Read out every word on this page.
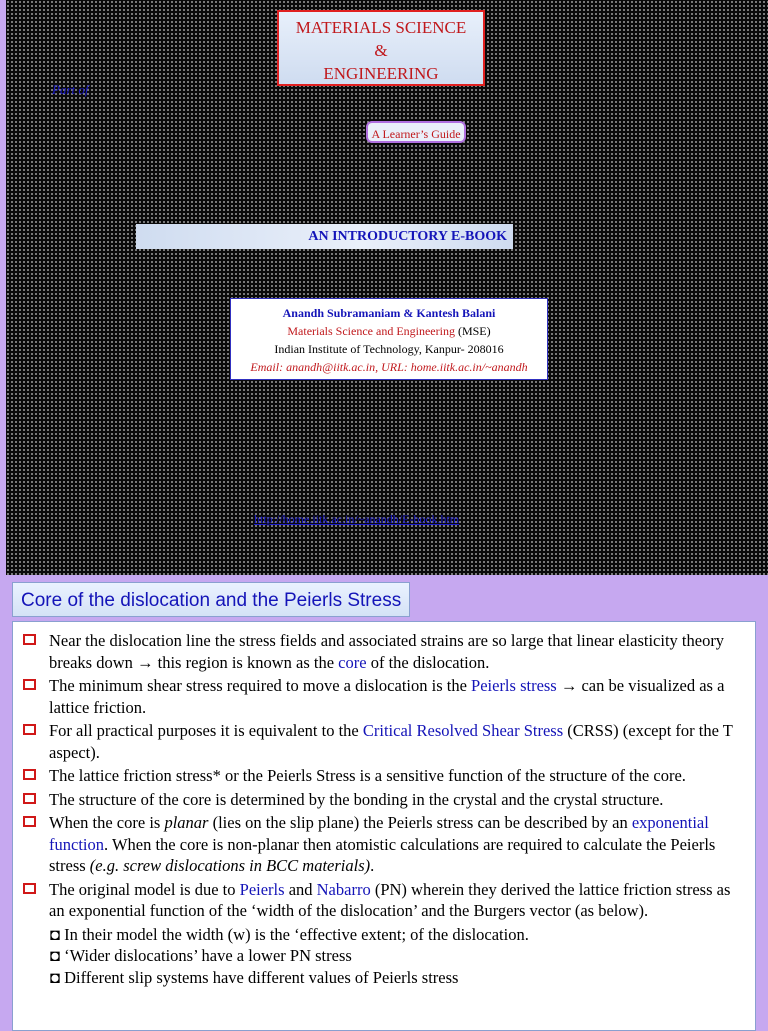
MATERIALS SCIENCE
&
ENGINEERING
Part of
A Learner’s Guide
AN INTRODUCTORY E-BOOK
Anandh Subramaniam & Kantesh Balani
Materials Science and Engineering (MSE)
Indian Institute of Technology, Kanpur- 208016
Email: anandh@iitk.ac.in, URL: home.iitk.ac.in/~anandh
http://home.iitk.ac.in/~anandh/E-book.htm
Core of the dislocation and the Peierls Stress
Near the dislocation line the stress fields and associated strains are so large that linear elasticity theory breaks down → this region is known as the core of the dislocation.
The minimum shear stress required to move a dislocation is the Peierls stress → can be visualized as a lattice friction.
For all practical purposes it is equivalent to the Critical Resolved Shear Stress (CRSS) (except for the T aspect).
The lattice friction stress* or the Peierls Stress is a sensitive function of the structure of the core.
The structure of the core is determined by the bonding in the crystal and the crystal structure.
When the core is planar (lies on the slip plane) the Peierls stress can be described by an exponential function. When the core is non-planar then atomistic calculations are required to calculate the Peierls stress (e.g. screw dislocations in BCC materials).
The original model is due to Peierls and Nabarro (PN) wherein they derived the lattice friction stress as an exponential function of the ‘width of the dislocation’ and the Burgers vector (as below).
◘ In their model the width (w) is the ‘effective extent; of the dislocation.
◘ ‘Wider dislocations’ have a lower PN stress
◘ Different slip systems have different values of Peierls stress
